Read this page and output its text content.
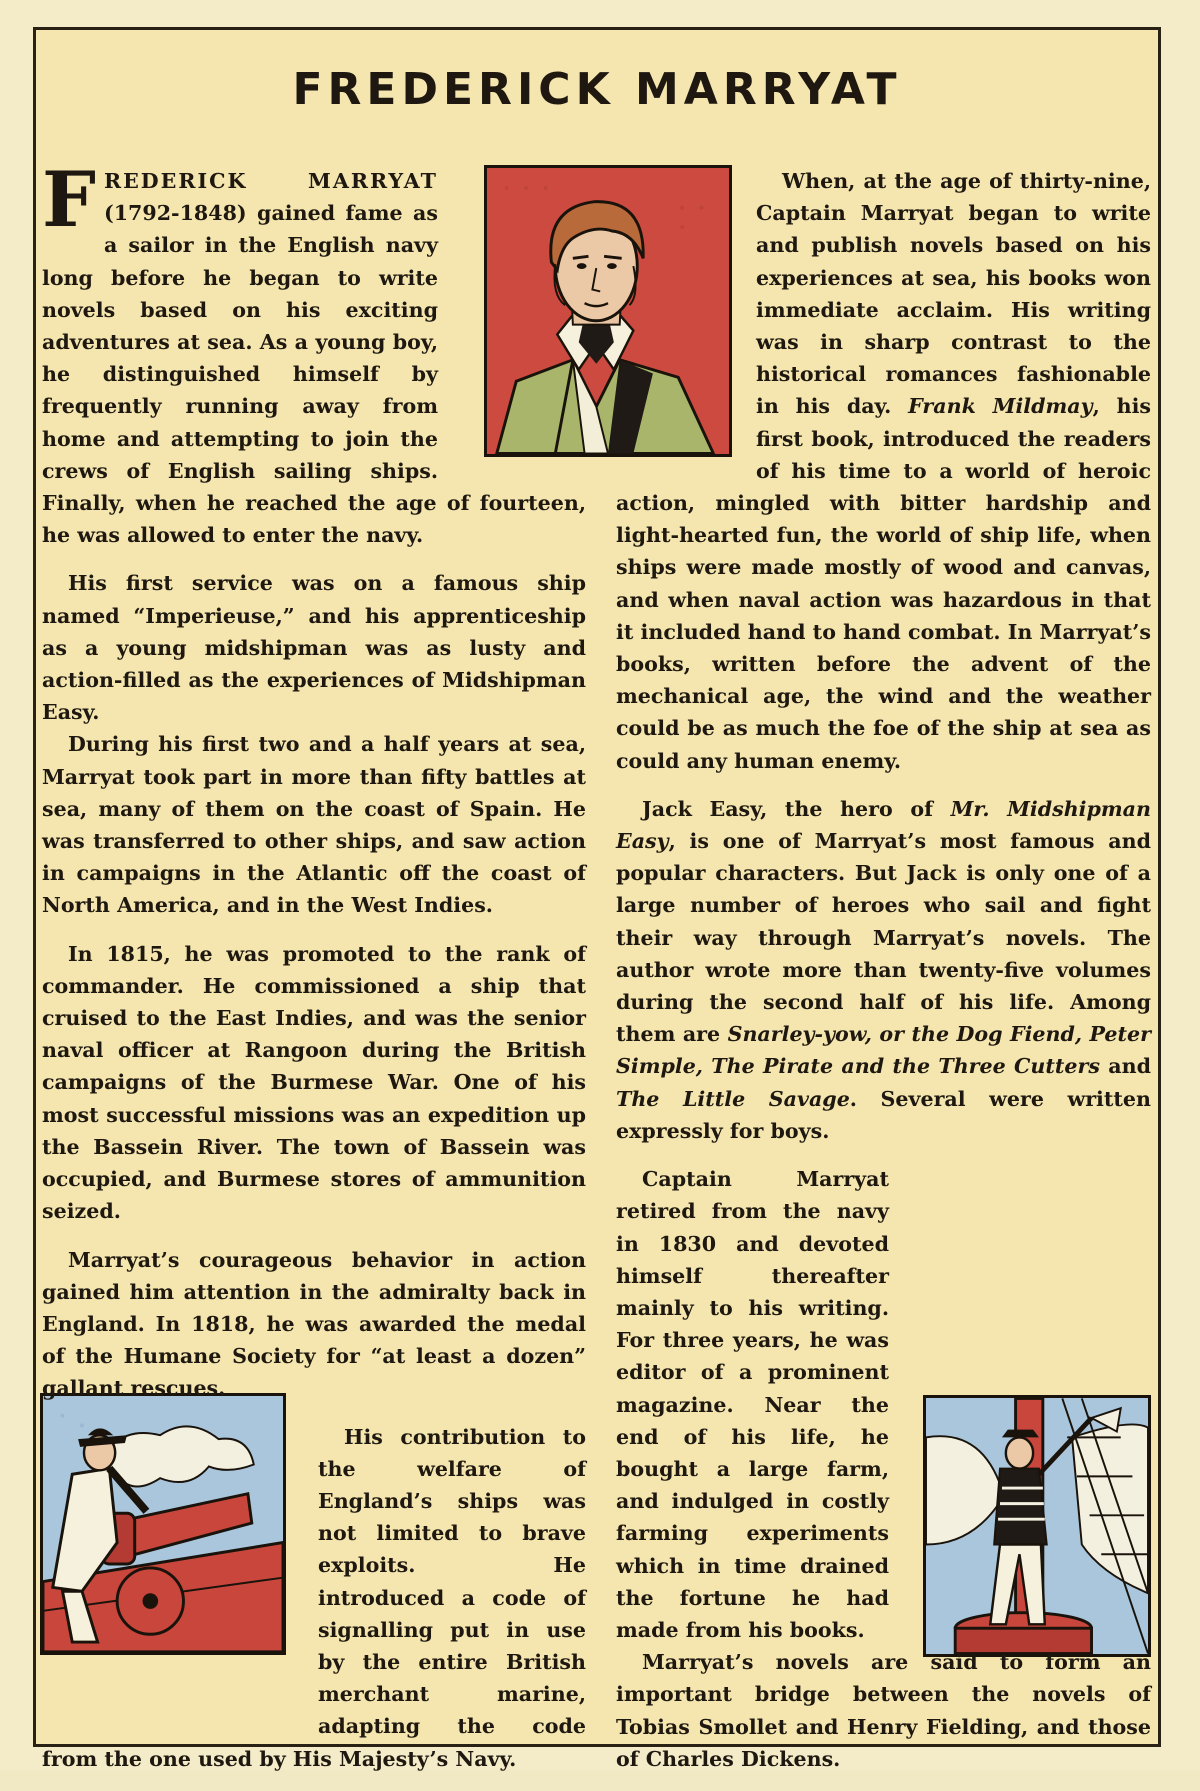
FREDERICK MARRYAT

FREDERICK MARRYAT (1792-1848) gained fame as a sailor in the English navy long before he began to write novels based on his exciting adventures at sea. As a young boy, he distinguished himself by frequently running away from home and attempting to join the crews of English sailing ships. Finally, when he reached the age of fourteen, he was allowed to enter the navy.

His first service was on a famous ship named “Imperieuse,” and his apprenticeship as a young midshipman was as lusty and action-filled as the experiences of Midshipman Easy.

During his first two and a half years at sea, Marryat took part in more than fifty battles at sea, many of them on the coast of Spain. He was transferred to other ships, and saw action in campaigns in the Atlantic off the coast of North America, and in the West Indies.

In 1815, he was promoted to the rank of commander. He commissioned a ship that cruised to the East Indies, and was the senior naval officer at Rangoon during the British campaigns of the Burmese War. One of his most successful missions was an expedition up the Bassein River. The town of Bassein was occupied, and Burmese stores of ammunition seized.

Marryat’s courageous behavior in action gained him attention in the admiralty back in England. In 1818, he was awarded the medal of the Humane Society for “at least a dozen” gallant rescues.

His contribution to the welfare of England’s ships was not limited to brave exploits. He introduced a code of signalling put in use by the entire British merchant marine, adapting the code from the one used by His Majesty’s Navy.

When, at the age of thirty-nine, Captain Marryat began to write and publish novels based on his experiences at sea, his books won immediate acclaim. His writing was in sharp contrast to the historical romances fashionable in his day. Frank Mildmay, his first book, introduced the readers of his time to a world of heroic action, mingled with bitter hardship and light-hearted fun, the world of ship life, when ships were made mostly of wood and canvas, and when naval action was hazardous in that it included hand to hand combat. In Marryat’s books, written before the advent of the mechanical age, the wind and the weather could be as much the foe of the ship at sea as could any human enemy.

Jack Easy, the hero of Mr. Midshipman Easy, is one of Marryat’s most famous and popular characters. But Jack is only one of a large number of heroes who sail and fight their way through Marryat’s novels. The author wrote more than twenty-five volumes during the second half of his life. Among them are Snarley-yow, or the Dog Fiend, Peter Simple, The Pirate and the Three Cutters and The Little Savage. Several were written expressly for boys.

Captain Marryat retired from the navy in 1830 and devoted himself thereafter mainly to his writing. For three years, he was editor of a prominent magazine. Near the end of his life, he bought a large farm, and indulged in costly farming experiments which in time drained the fortune he had made from his books.

Marryat’s novels are said to form an important bridge between the novels of Tobias Smollet and Henry Fielding, and those of Charles Dickens.
